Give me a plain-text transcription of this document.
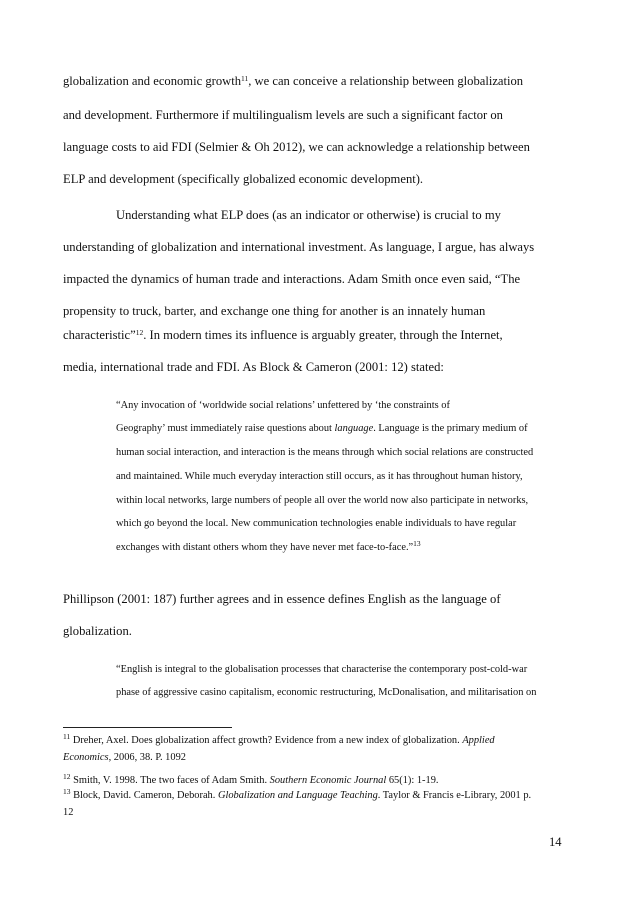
globalization and economic growth$^{11}$, we can conceive a relationship between globalization
and development. Furthermore if multilingualism levels are such a significant factor on
language costs to aid FDI (Selmier & Oh 2012), we can acknowledge a relationship between
ELP and development (specifically globalized economic development).
Understanding what ELP does (as an indicator or otherwise) is crucial to my
understanding of globalization and international investment. As language, I argue, has always
impacted the dynamics of human trade and interactions. Adam Smith once even said, “The
propensity to truck, barter, and exchange one thing for another is an innately human
characteristic”$^{12}$. In modern times its influence is arguably greater, through the Internet,
media, international trade and FDI. As Block & Cameron (2001: 12) stated:
“Any invocation of ‘worldwide social relations’ unfettered by ‘the constraints of
Geography’ must immediately raise questions about language. Language is the primary medium of
human social interaction, and interaction is the means through which social relations are constructed
and maintained. While much everyday interaction still occurs, as it has throughout human history,
within local networks, large numbers of people all over the world now also participate in networks,
which go beyond the local. New communication technologies enable individuals to have regular
exchanges with distant others whom they have never met face-to-face.”$^{13}$
Phillipson (2001: 187) further agrees and in essence defines English as the language of
globalization.
“English is integral to the globalisation processes that characterise the contemporary post-cold-war
phase of aggressive casino capitalism, economic restructuring, McDonalisation, and militarisation on
$^{11}$ Dreher, Axel. Does globalization affect growth? Evidence from a new index of globalization. Applied
Economics, 2006, 38. P. 1092
$^{12}$ Smith, V. 1998. The two faces of Adam Smith. Southern Economic Journal 65(1): 1-19.
$^{13}$ Block, David. Cameron, Deborah. Globalization and Language Teaching. Taylor & Francis e-Library, 2001 p.
12
14
